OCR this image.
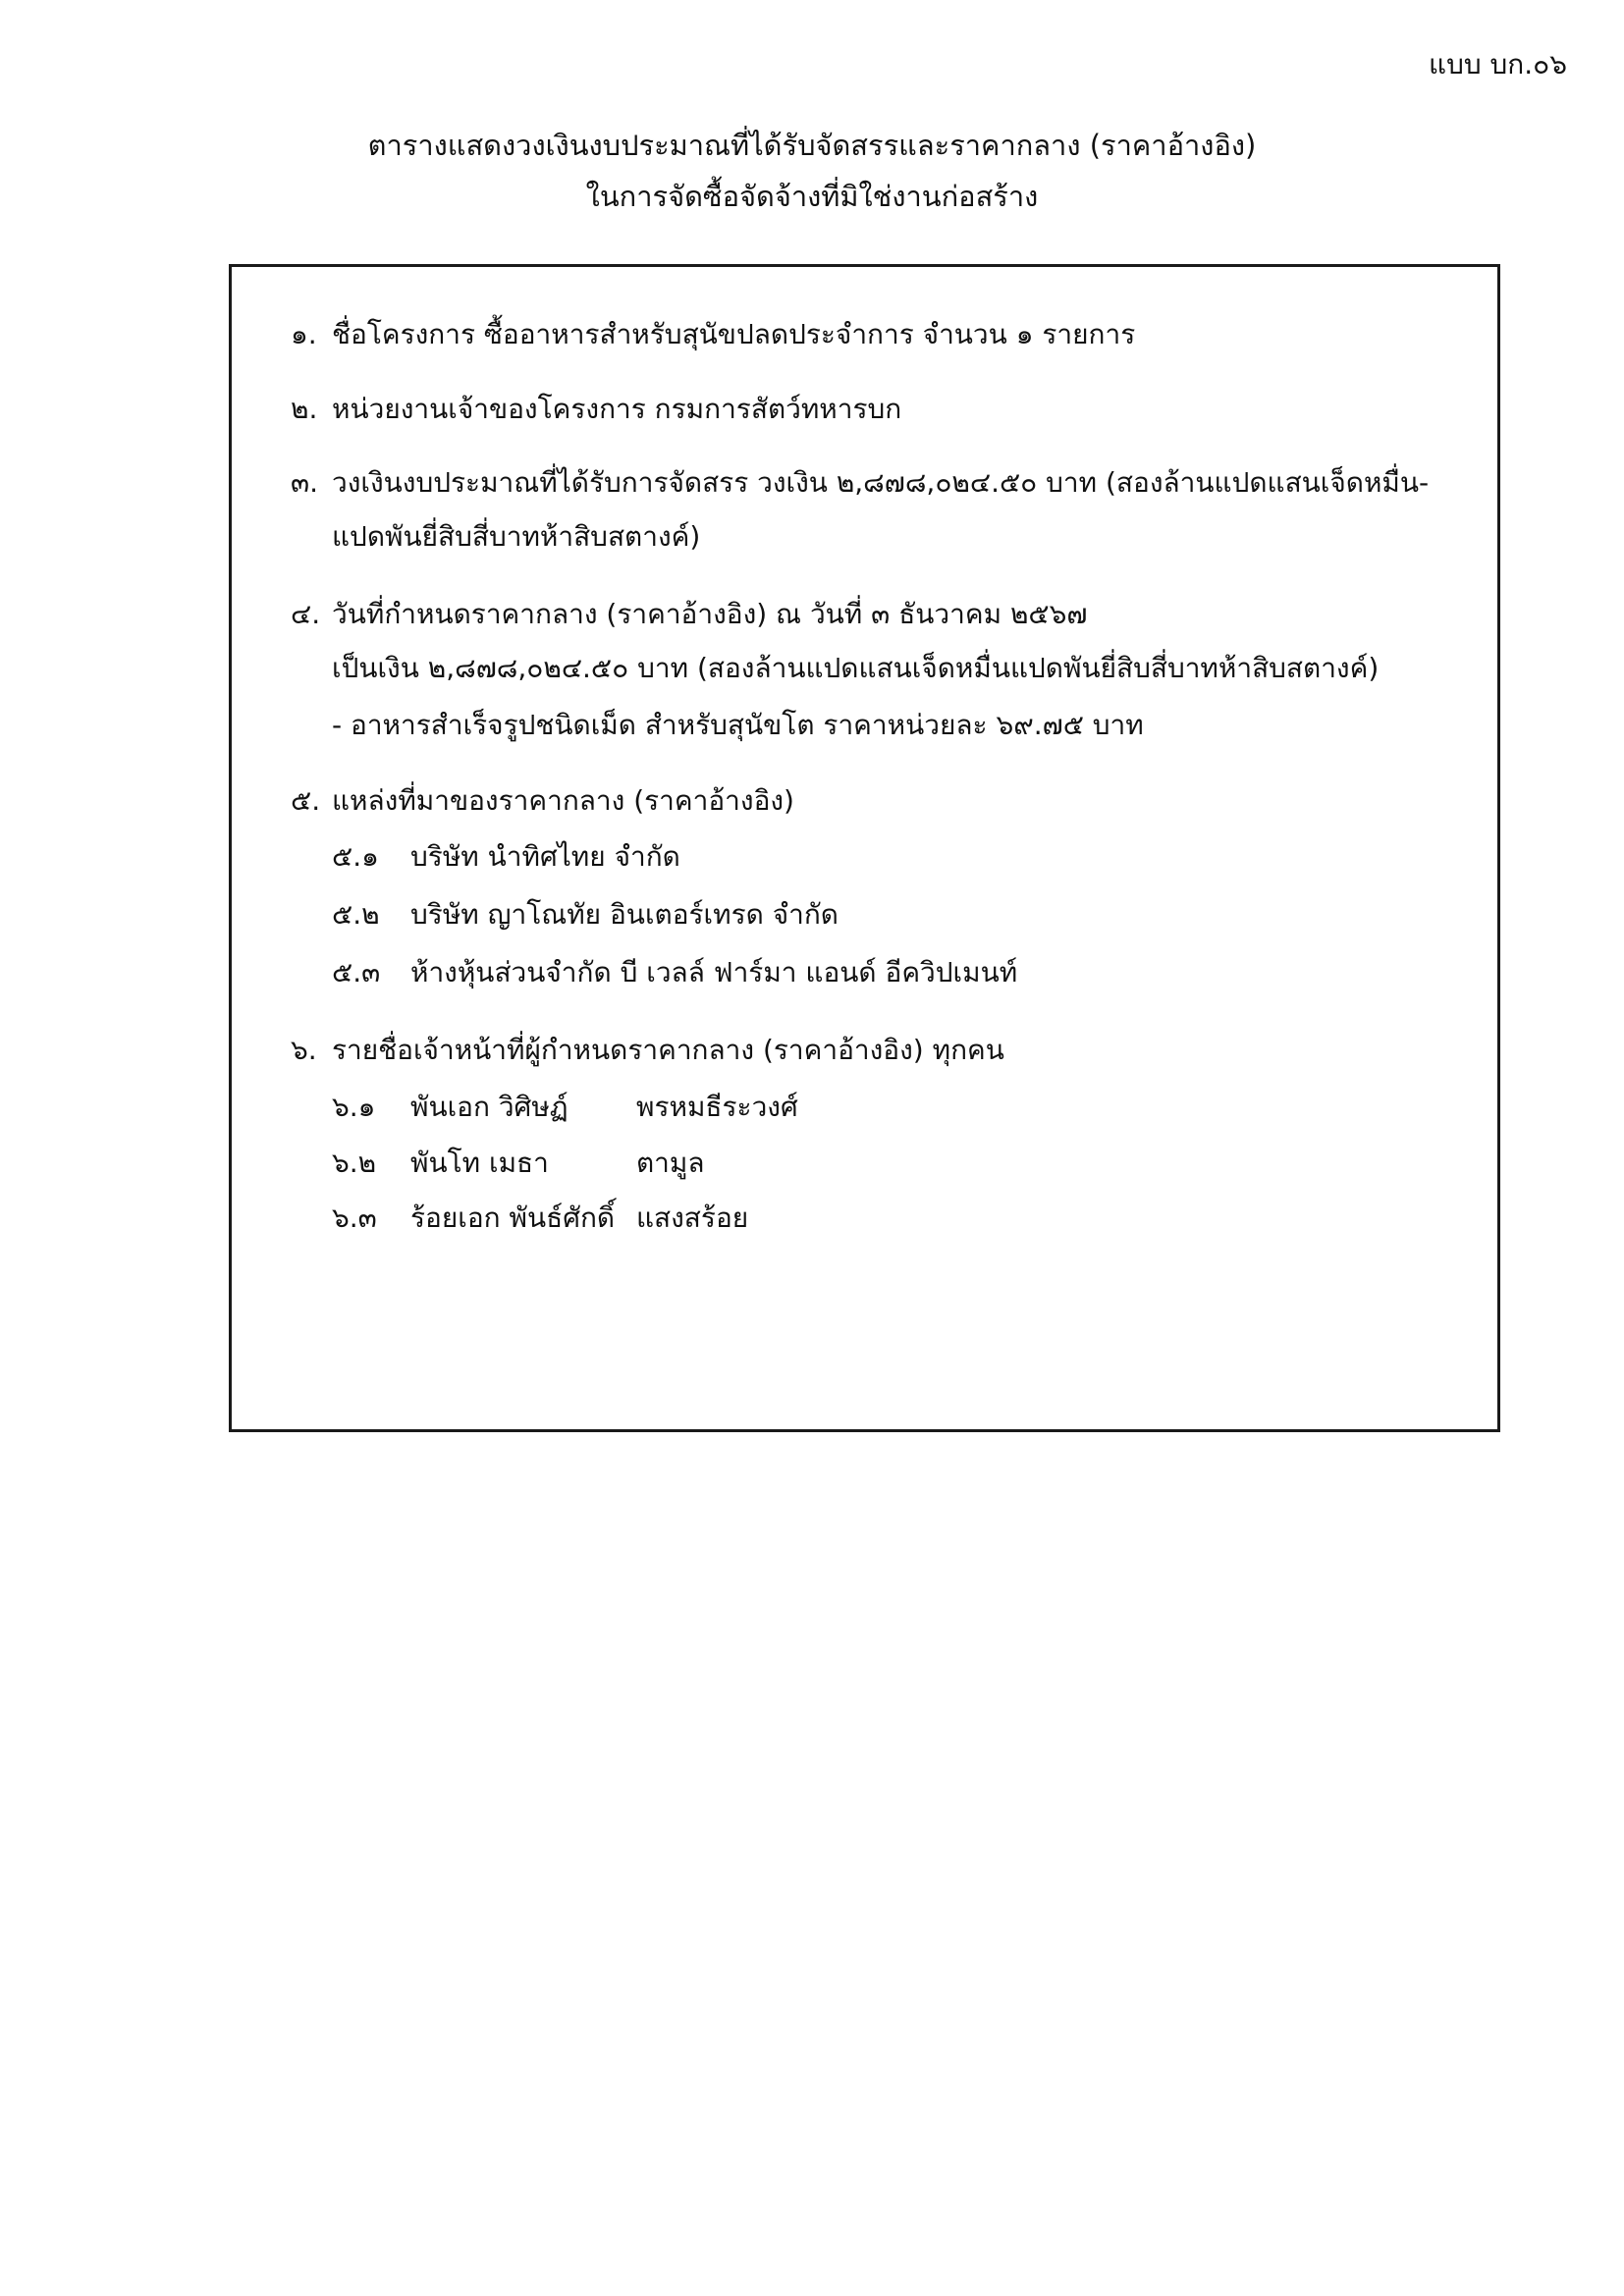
แบบ บก.๐๖
ตารางแสดงวงเงินงบประมาณที่ได้รับจัดสรรและราคากลาง (ราคาอ้างอิง)
ในการจัดซื้อจัดจ้างที่มิใช่งานก่อสร้าง
๑. ชื่อโครงการ ซื้ออาหารสำหรับสุนัขปลดประจำการ จำนวน ๑ รายการ
๒. หน่วยงานเจ้าของโครงการ กรมการสัตว์ทหารบก
๓. วงเงินงบประมาณที่ได้รับการจัดสรร วงเงิน ๒,๘๗๘,๐๒๔.๕๐ บาท (สองล้านแปดแสนเจ็ดหมื่น-
แปดพันยี่สิบสี่บาทห้าสิบสตางค์)
๔. วันที่กำหนดราคากลาง (ราคาอ้างอิง) ณ วันที่ ๓ ธันวาคม ๒๕๖๗
เป็นเงิน ๒,๘๗๘,๐๒๔.๕๐ บาท (สองล้านแปดแสนเจ็ดหมื่นแปดพันยี่สิบสี่บาทห้าสิบสตางค์)
- อาหารสำเร็จรูปชนิดเม็ด สำหรับสุนัขโต ราคาหน่วยละ ๖๙.๗๕ บาท
๕. แหล่งที่มาของราคากลาง (ราคาอ้างอิง)
๕.๑ บริษัท นำทิศไทย จำกัด
๕.๒ บริษัท ญาโณทัย อินเตอร์เทรด จำกัด
๕.๓ ห้างหุ้นส่วนจำกัด บี เวลล์ ฟาร์มา แอนด์ อีควิปเมนท์
๖. รายชื่อเจ้าหน้าที่ผู้กำหนดราคากลาง (ราคาอ้างอิง) ทุกคน
๖.๑ พันเอก วิศิษฏ์ พรหมธีระวงศ์
๖.๒ พันโท เมธา	ตามูล
๖.๓ ร้อยเอก พันธ์ศักดิ์ แสงสร้อย
